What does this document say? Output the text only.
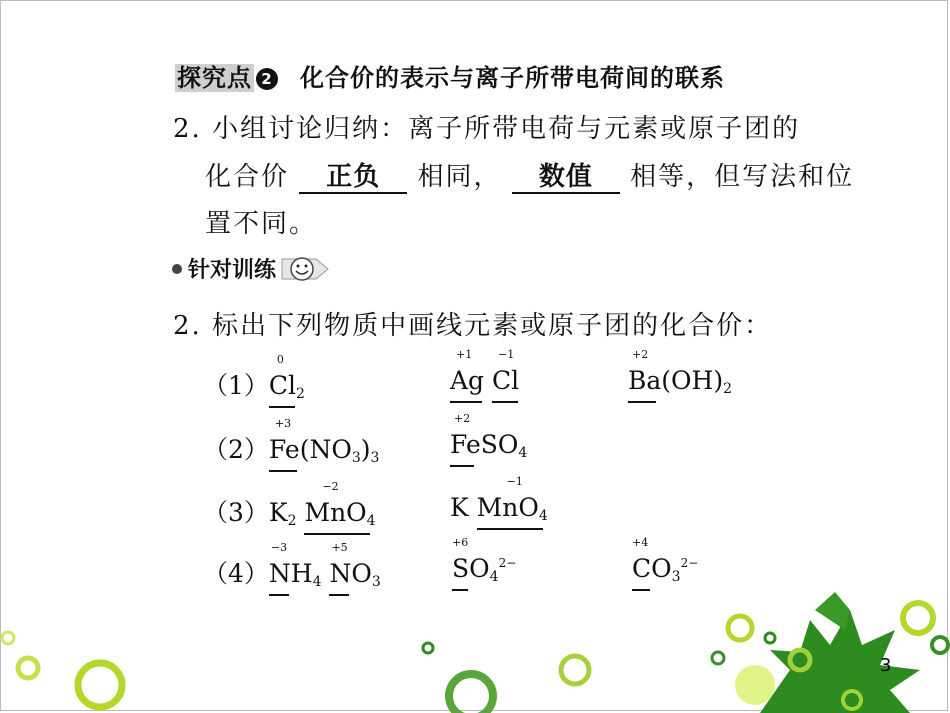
探究点 2 化合价的表示与离子所带电荷间的联系
2. 小组讨论归纳：离子所带电荷与元素或原子团的
化合价 正负 相同， 数值 相等，但写法和位
置不同。
针对训练
2. 标出下列物质中画线元素或原子团的化合价：
（1）
0
$Cl_2$
+1
Ag
−1
Cl
+2
$Ba(OH)_2$
（2）
+3
$Fe(NO_3)_3$
+2
FeSO$_4$
$(3)K_2$
−2
MnO$_4$	K
−1
MnO$_4$
（4）
−3
$NH_4$
+5
$NO_3$
+6
$SO_4^{2-}$
+4
$CO_3^{2-}$
3
